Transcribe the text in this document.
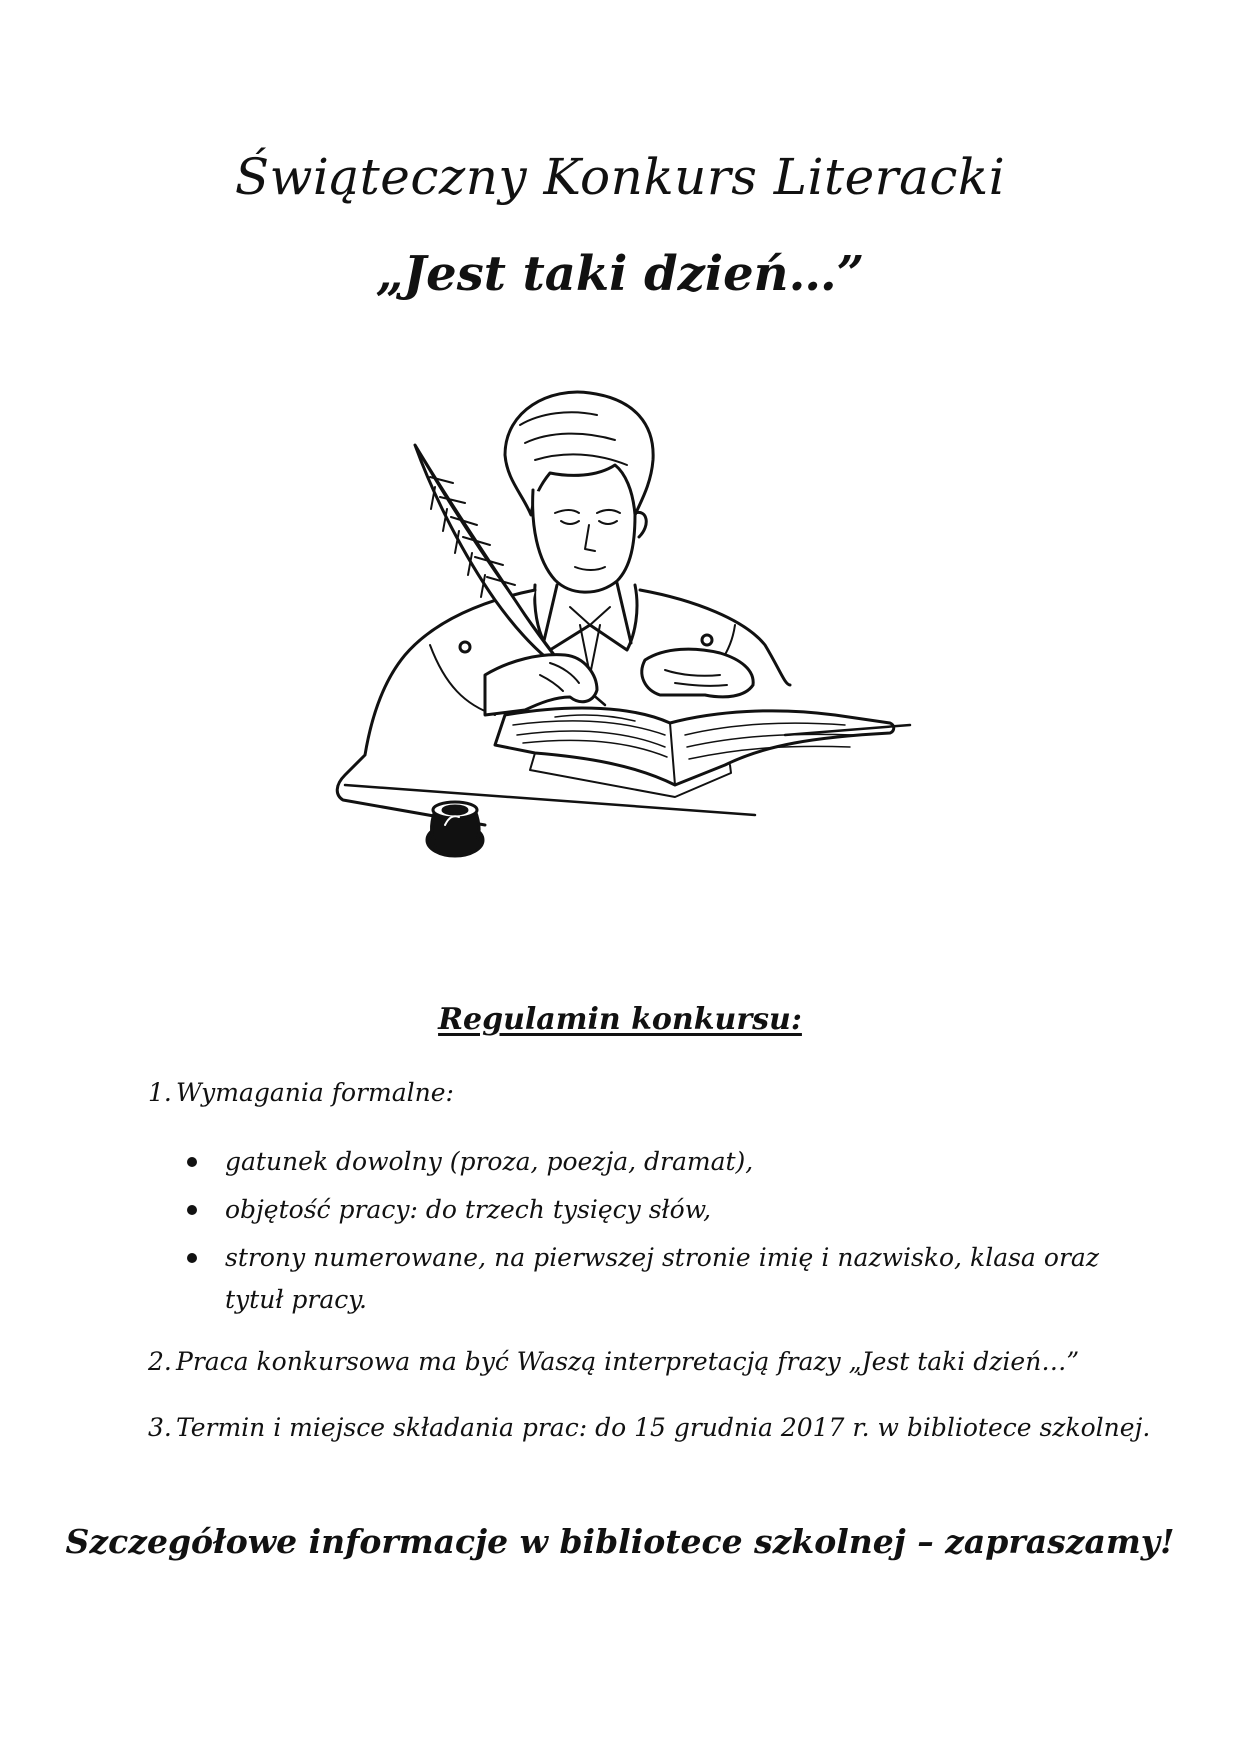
Świąteczny Konkurs Literacki
„Jest taki dzień…”
Regulamin konkursu:
1. Wymagania formalne:
gatunek dowolny (proza, poezja, dramat),
objętość pracy: do trzech tysięcy słów,
strony numerowane, na pierwszej stronie imię i nazwisko, klasa oraz tytuł pracy.
2. Praca konkursowa ma być Waszą interpretacją frazy „Jest taki dzień…”
3. Termin i miejsce składania prac: do 15 grudnia 2017 r. w bibliotece szkolnej.
Szczegółowe informacje w bibliotece szkolnej – zapraszamy!
